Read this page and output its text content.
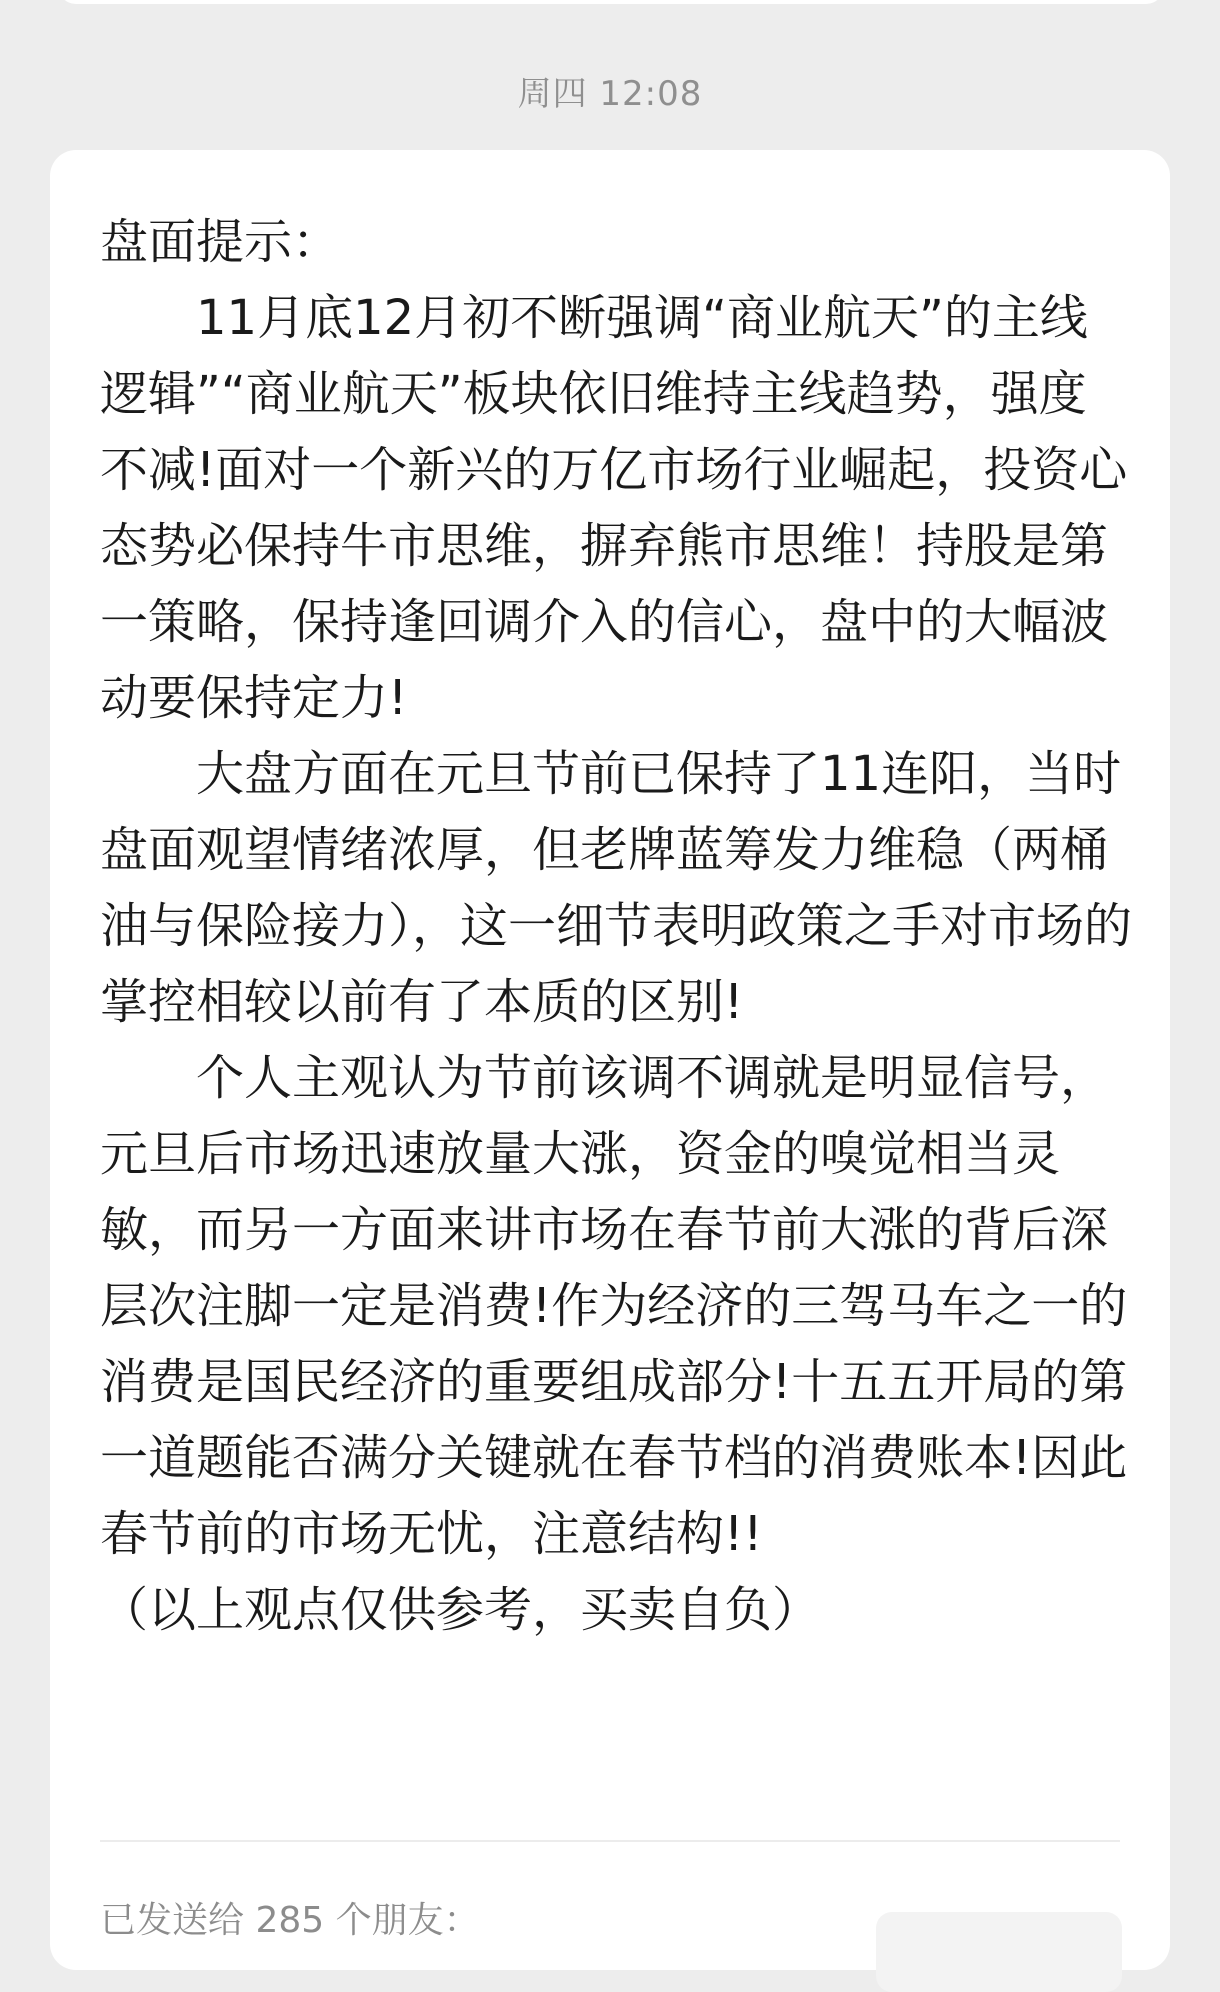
周四 12:08

盘面提示：

11月底12月初不断强调“商业航天”的主线逻辑”“商业航天”板块依旧维持主线趋势，强度不减!面对一个新兴的万亿市场行业崛起，投资心态势必保持牛市思维，摒弃熊市思维！持股是第一策略，保持逢回调介入的信心，盘中的大幅波动要保持定力!

大盘方面在元旦节前已保持了11连阳，当时盘面观望情绪浓厚，但老牌蓝筹发力维稳（两桶油与保险接力），这一细节表明政策之手对市场的掌控相较以前有了本质的区别!

个人主观认为节前该调不调就是明显信号，元旦后市场迅速放量大涨，资金的嗅觉相当灵敏，而另一方面来讲市场在春节前大涨的背后深层次注脚一定是消费!作为经济的三驾马车之一的消费是国民经济的重要组成部分!十五五开局的第一道题能否满分关键就在春节档的消费账本!因此春节前的市场无忧，注意结构!!

（以上观点仅供参考，买卖自负）

已发送给 285 个朋友：
